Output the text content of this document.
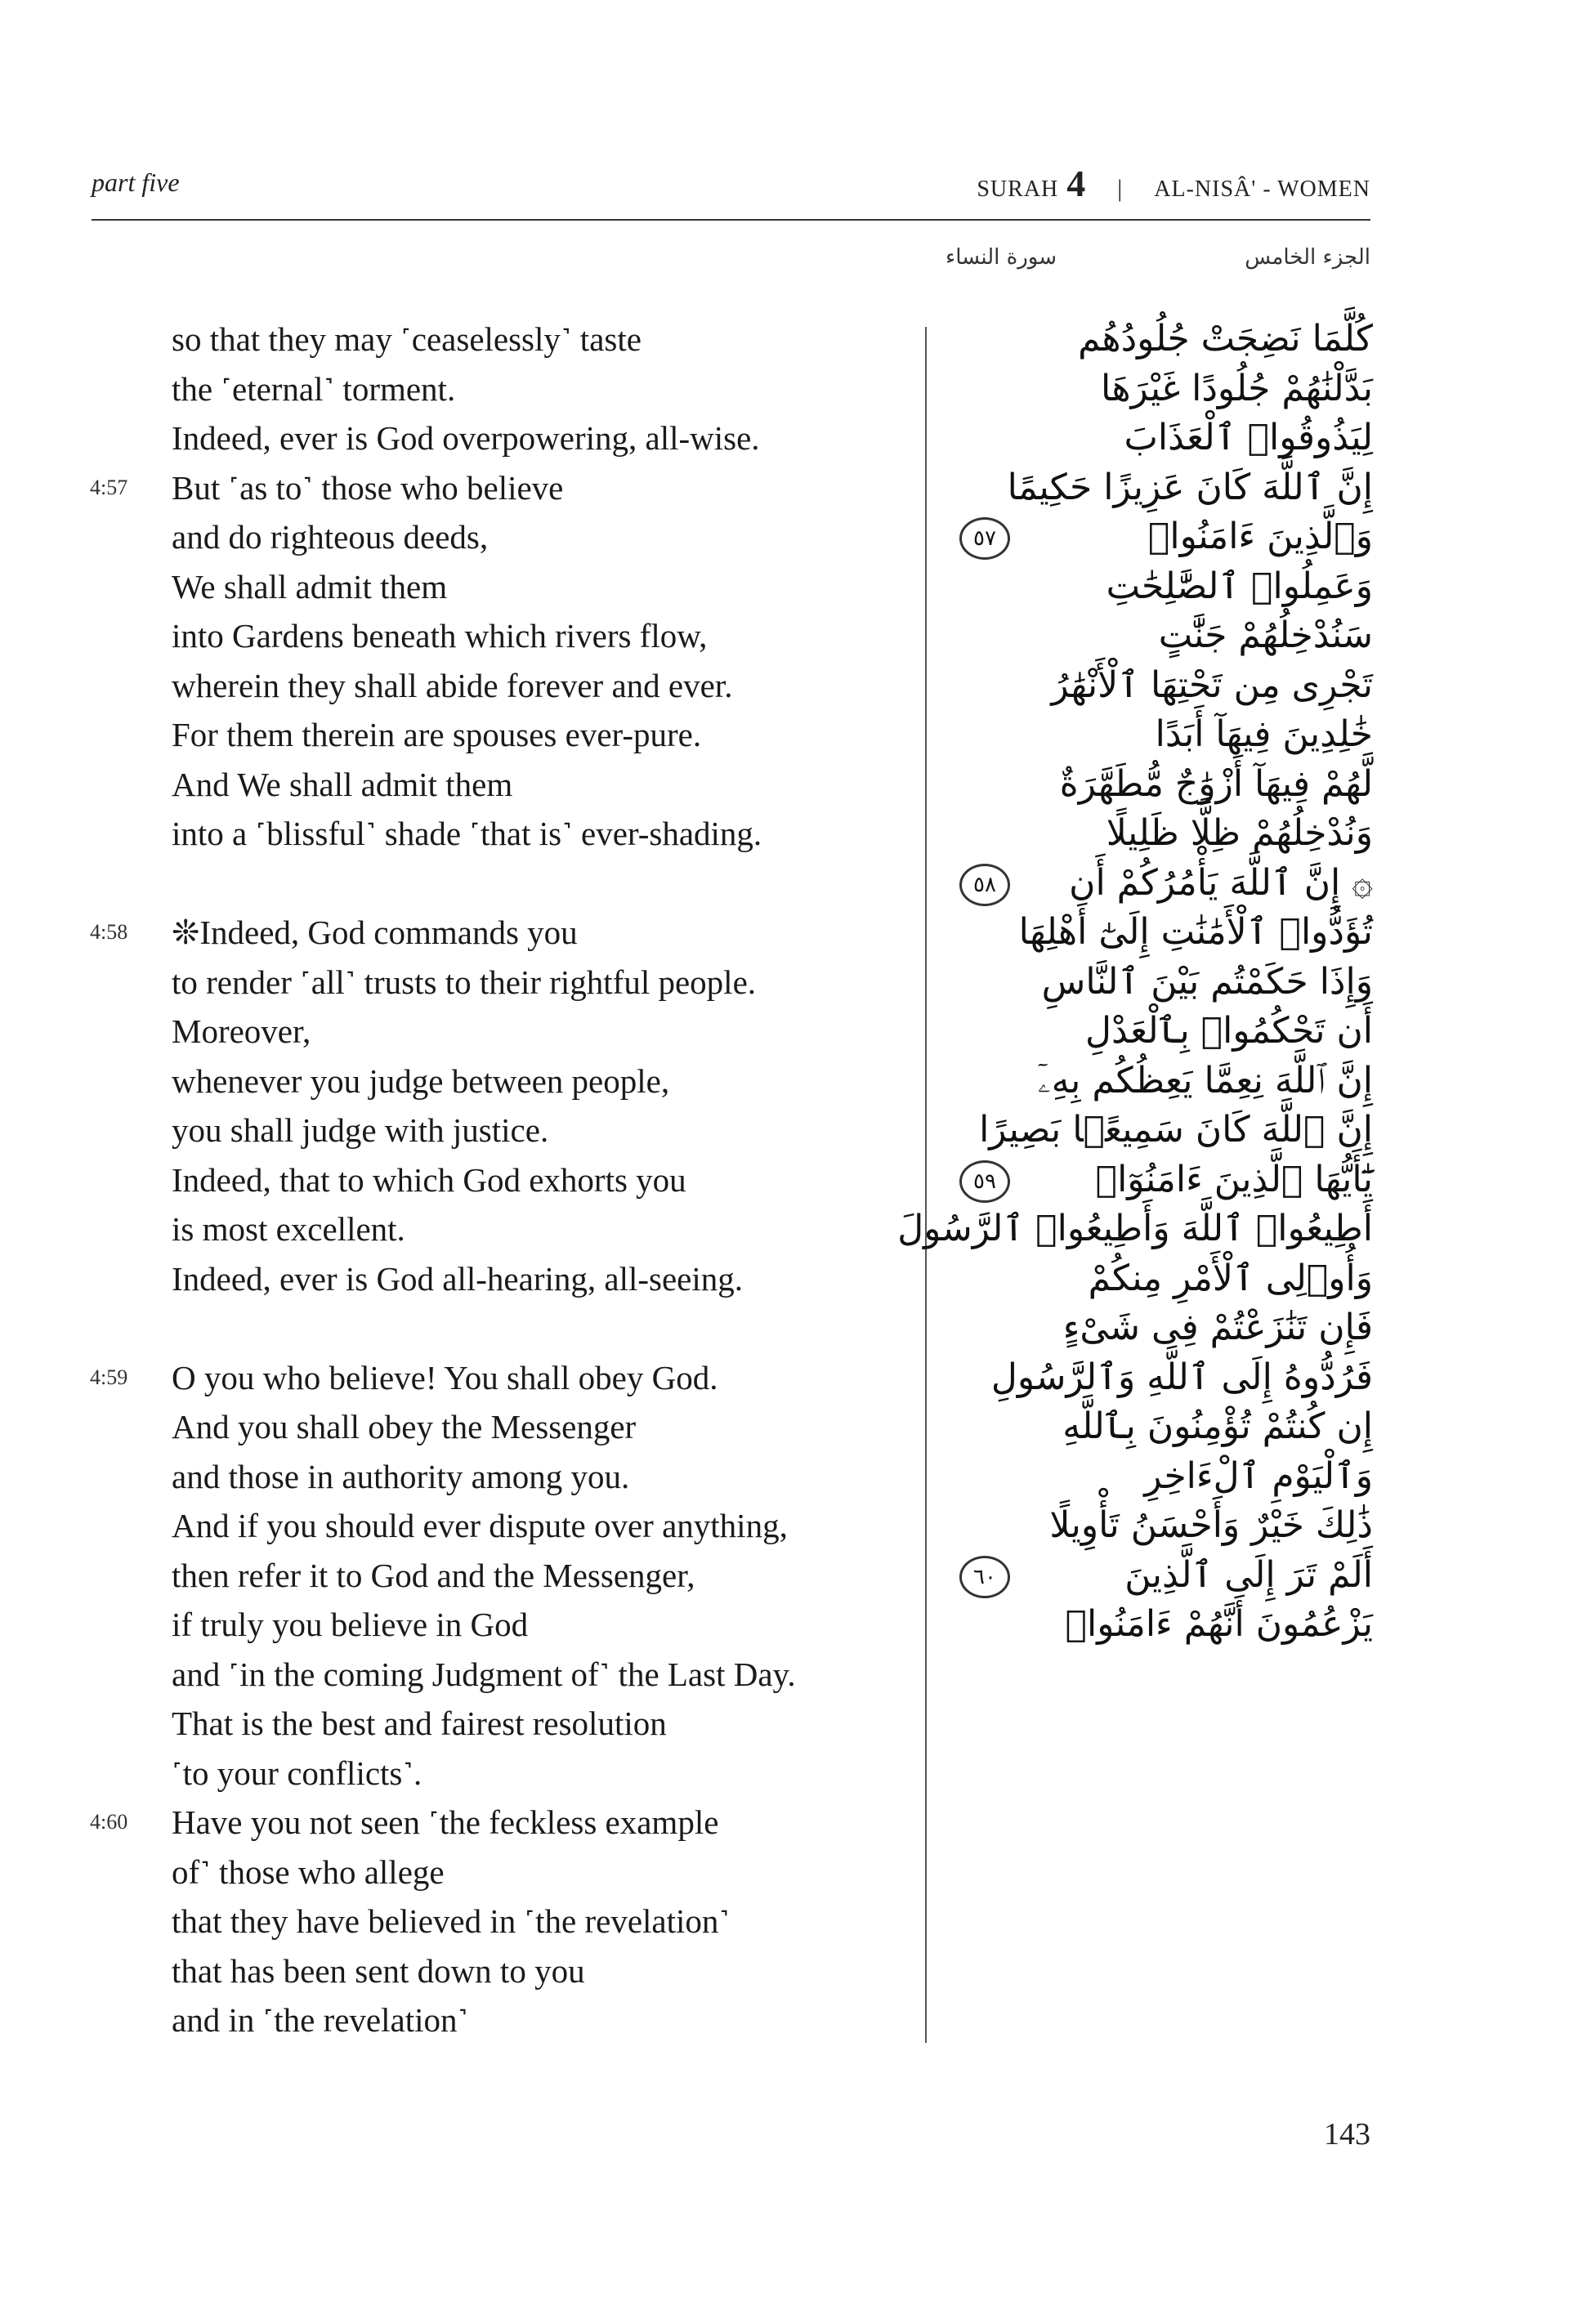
part five	SURAH 4 | AL-NISÂ' - WOMEN
الجزء الخامس
سورة النساء
so that they may ˹ceaselessly˺ taste
the ˹eternal˺ torment.
Indeed, ever is God overpowering, all-wise.
4:57 But ˹as to˺ those who believe
and do righteous deeds,
We shall admit them
into Gardens beneath which rivers flow,
wherein they shall abide forever and ever.
For them therein are spouses ever-pure.
And We shall admit them
into a ˹blissful˺ shade ˹that is˺ ever-shading.
4:58 ❊Indeed, God commands you
to render ˹all˺ trusts to their rightful people.
Moreover,
whenever you judge between people,
you shall judge with justice.
Indeed, that to which God exhorts you
is most excellent.
Indeed, ever is God all-hearing, all-seeing.
4:59 O you who believe! You shall obey God.
And you shall obey the Messenger
and those in authority among you.
And if you should ever dispute over anything,
then refer it to God and the Messenger,
if truly you believe in God
and ˹in the coming Judgment of˺ the Last Day.
That is the best and fairest resolution
˹to your conflicts˺.
4:60 Have you not seen ˹the feckless example
of˺ those who allege
that they have believed in ˹the revelation˺
that has been sent down to you
and in ˹the revelation˺
كُلَّمَا نَضِجَتْ جُلُودُهُم
بَدَّلْنَٰهُمْ جُلُودًا غَيْرَهَا
لِيَذُوقُوا۟ ٱلْعَذَابَ
إِنَّ ٱللَّهَ كَانَ عَزِيزًا حَكِيمًا
وَٱلَّذِينَ ءَامَنُوا۟
٥٧
وَعَمِلُوا۟ ٱلصَّٰلِحَٰتِ
سَنُدْخِلُهُمْ جَنَّٰتٍ
تَجْرِى مِن تَحْتِهَا ٱلْأَنْهَٰرُ
خَٰلِدِينَ فِيهَآ أَبَدًا
لَّهُمْ فِيهَآ أَزْوَٰجٌ مُّطَهَّرَةٌ
وَنُدْخِلُهُمْ ظِلًّا ظَلِيلًا
۞ إِنَّ ٱللَّهَ يَأْمُرُكُمْ أَن
٥٨
تُؤَدُّوا۟ ٱلْأَمَٰنَٰتِ إِلَىٰٓ أَهْلِهَا
وَإِذَا حَكَمْتُم بَيْنَ ٱلنَّاسِ
أَن تَحْكُمُوا۟ بِٱلْعَدْلِ
إِنَّ ٱللَّهَ نِعِمَّا يَعِظُكُم بِهِۦٓ
إِنَّ ٱللَّهَ كَانَ سَمِيعًۢا بَصِيرًا
يَٰٓأَيُّهَا ٱلَّذِينَ ءَامَنُوٓا۟
٥٩
أَطِيعُوا۟ ٱللَّهَ وَأَطِيعُوا۟ ٱلرَّسُولَ
وَأُو۟لِى ٱلْأَمْرِ مِنكُمْ
فَإِن تَنَٰزَعْتُمْ فِى شَىْءٍ
فَرُدُّوهُ إِلَى ٱللَّهِ وَٱلرَّسُولِ
إِن كُنتُمْ تُؤْمِنُونَ بِٱللَّهِ
وَٱلْيَوْمِ ٱلْءَاخِرِ
ذَٰلِكَ خَيْرٌ وَأَحْسَنُ تَأْوِيلًا
أَلَمْ تَرَ إِلَى ٱلَّذِينَ
٦٠
يَزْعُمُونَ أَنَّهُمْ ءَامَنُوا۟
143
